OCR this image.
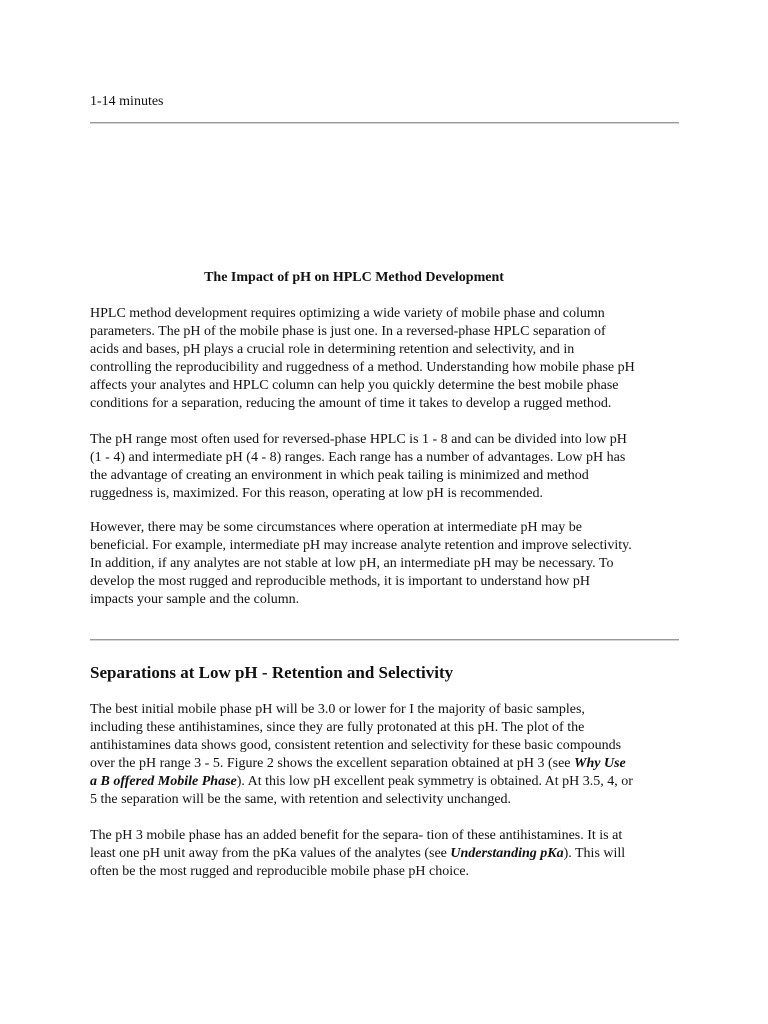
1-14 minutes
The Impact of pH on HPLC Method Development

HPLC method development requires optimizing a wide variety of mobile phase and column
parameters. The pH of the mobile phase is just one. In a reversed-phase HPLC separation of
acids and bases, pH plays a crucial role in determining retention and selectivity, and in
controlling the reproducibility and ruggedness of a method. Understanding how mobile phase pH
affects your analytes and HPLC column can help you quickly determine the best mobile phase
conditions for a separation, reducing the amount of time it takes to develop a rugged method.

The pH range most often used for reversed-phase HPLC is 1 - 8 and can be divided into low pH
(1 - 4) and intermediate pH (4 - 8) ranges. Each range has a number of advantages. Low pH has
the advantage of creating an environment in which peak tailing is minimized and method
ruggedness is, maximized. For this reason, operating at low pH is recommended.

However, there may be some circumstances where operation at intermediate pH may be
beneficial. For example, intermediate pH may increase analyte retention and improve selectivity.
In addition, if any analytes are not stable at low pH, an intermediate pH may be necessary. To
develop the most rugged and reproducible methods, it is important to understand how pH
impacts your sample and the column.

Separations at Low pH - Retention and Selectivity

The best initial mobile phase pH will be 3.0 or lower for I the majority of basic samples,
including these antihistamines, since they are fully protonated at this pH. The plot of the
antihistamines data shows good, consistent retention and selectivity for these basic compounds
over the pH range 3 - 5. Figure 2 shows the excellent separation obtained at pH 3 (see Why Use
a B offered Mobile Phase). At this low pH excellent peak symmetry is obtained. At pH 3.5, 4, or
5 the separation will be the same, with retention and selectivity unchanged.

The pH 3 mobile phase has an added benefit for the separa- tion of these antihistamines. It is at
least one pH unit away from the pKa values of the analytes (see Understanding pKa). This will
often be the most rugged and reproducible mobile phase pH choice.
